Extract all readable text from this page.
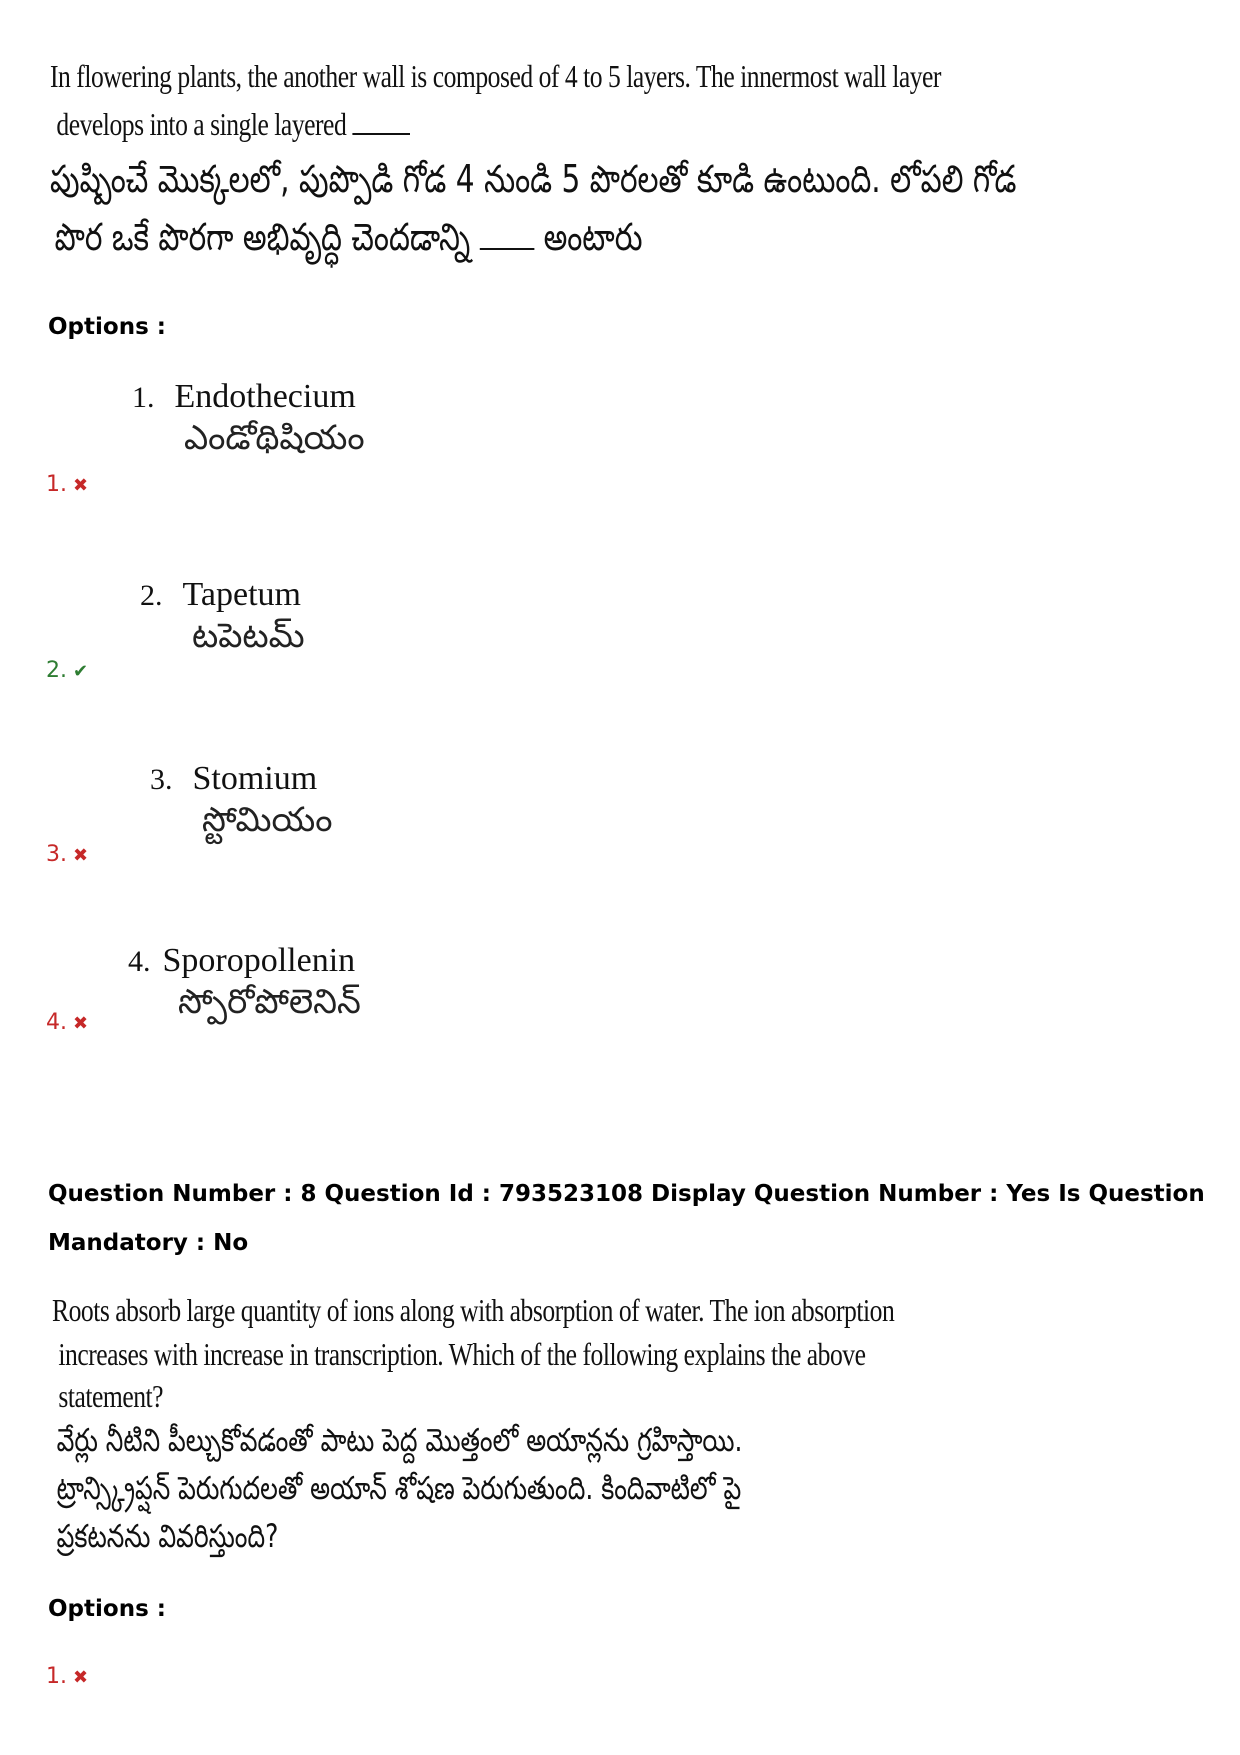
In flowering plants, the another wall is composed of 4 to 5 layers. The innermost wall layer

develops into a single layered

పుష్పించే మొక్కలలో, పుప్పొడి గోడ 4 నుండి 5 పొరలతో కూడి ఉంటుంది. లోపలి గోడ

పొర ఒకే పొరగా అభివృద్ధి చెందడాన్ని అంటారు

Options :
1. Endothecium
ఎండోథిషియం
1. ✖
2. Tapetum
టపెటమ్
2. ✔
3. Stomium
స్టోమియం
3. ✖
4. Sporopollenin
స్పోరోపోలెనిన్
4. ✖
Question Number : 8 Question Id : 793523108 Display Question Number : Yes Is Question
Mandatory : No

Roots absorb large quantity of ions along with absorption of water. The ion absorption

increases with increase in transcription. Which of the following explains the above

statement?

వేర్లు నీటిని పీల్చుకోవడంతో పాటు పెద్ద మొత్తంలో అయాన్లను గ్రహిస్తాయి.

ట్రాన్స్క్రిప్షన్ పెరుగుదలతో అయాన్ శోషణ పెరుగుతుంది. కిందివాటిలో పై

ప్రకటనను వివరిస్తుంది?

Options :
1. ✖
